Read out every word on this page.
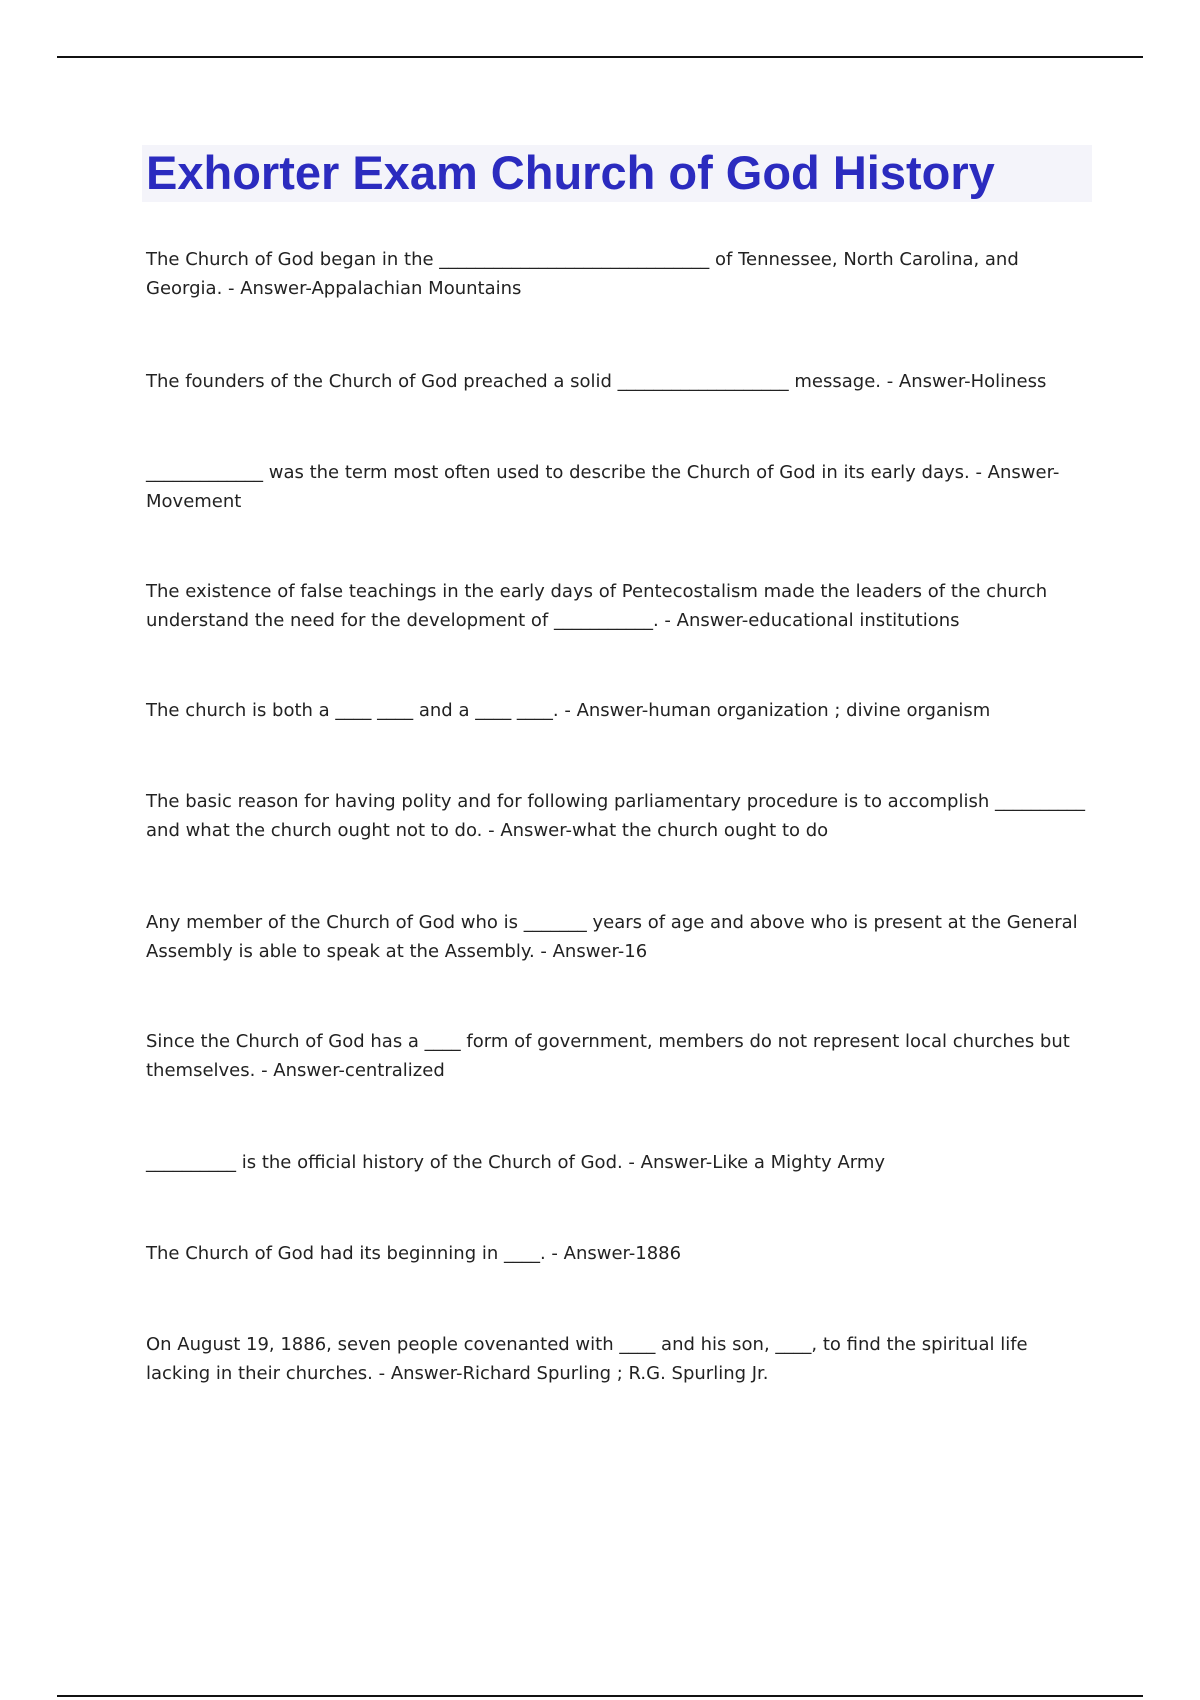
Exhorter Exam Church of God History

The Church of God began in the ______________________________ of Tennessee, North Carolina, and Georgia. - Answer-Appalachian Mountains

The founders of the Church of God preached a solid ___________________ message. - Answer-Holiness

_____________ was the term most often used to describe the Church of God in its early days. - Answer-Movement

The existence of false teachings in the early days of Pentecostalism made the leaders of the church understand the need for the development of ___________. - Answer-educational institutions

The church is both a ____ ____ and a ____ ____. - Answer-human organization ; divine organism

The basic reason for having polity and for following parliamentary procedure is to accomplish __________ and what the church ought not to do. - Answer-what the church ought to do

Any member of the Church of God who is _______ years of age and above who is present at the General Assembly is able to speak at the Assembly. - Answer-16

Since the Church of God has a ____ form of government, members do not represent local churches but themselves. - Answer-centralized

__________ is the official history of the Church of God. - Answer-Like a Mighty Army

The Church of God had its beginning in ____. - Answer-1886

On August 19, 1886, seven people covenanted with ____ and his son, ____, to find the spiritual life lacking in their churches. - Answer-Richard Spurling ; R.G. Spurling Jr.
